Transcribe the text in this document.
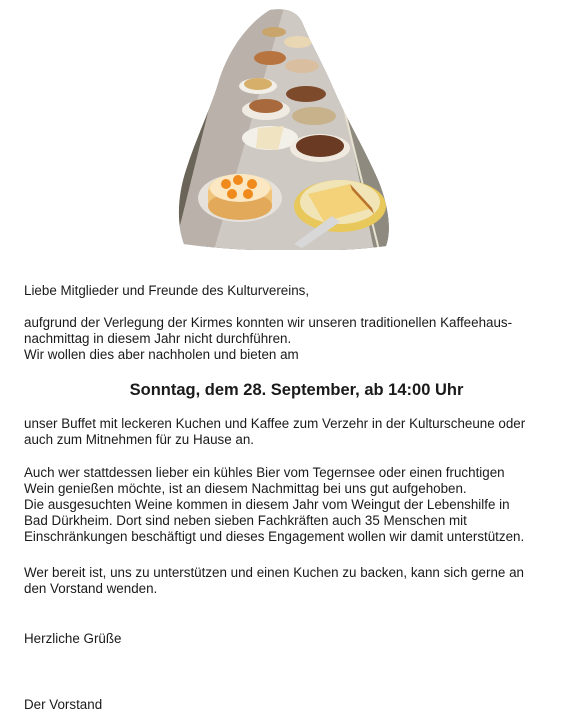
Liebe Mitglieder und Freunde des Kulturvereins,

aufgrund der Verlegung der Kirmes konnten wir unseren traditionellen Kaffeehaus-
nachmittag in diesem Jahr nicht durchführen.
Wir wollen dies aber nachholen und bieten am

Sonntag, dem 28. September, ab 14:00 Uhr

unser Buffet mit leckeren Kuchen und Kaffee zum Verzehr in der Kulturscheune oder
auch zum Mitnehmen für zu Hause an.

Auch wer stattdessen lieber ein kühles Bier vom Tegernsee oder einen fruchtigen
Wein genießen möchte, ist an diesem Nachmittag bei uns gut aufgehoben.
Die ausgesuchten Weine kommen in diesem Jahr vom Weingut der Lebenshilfe in
Bad Dürkheim. Dort sind neben sieben Fachkräften auch 35 Menschen mit
Einschränkungen beschäftigt und dieses Engagement wollen wir damit unterstützen.

Wer bereit ist, uns zu unterstützen und einen Kuchen zu backen, kann sich gerne an
den Vorstand wenden.

Herzliche Grüße

Der Vorstand
